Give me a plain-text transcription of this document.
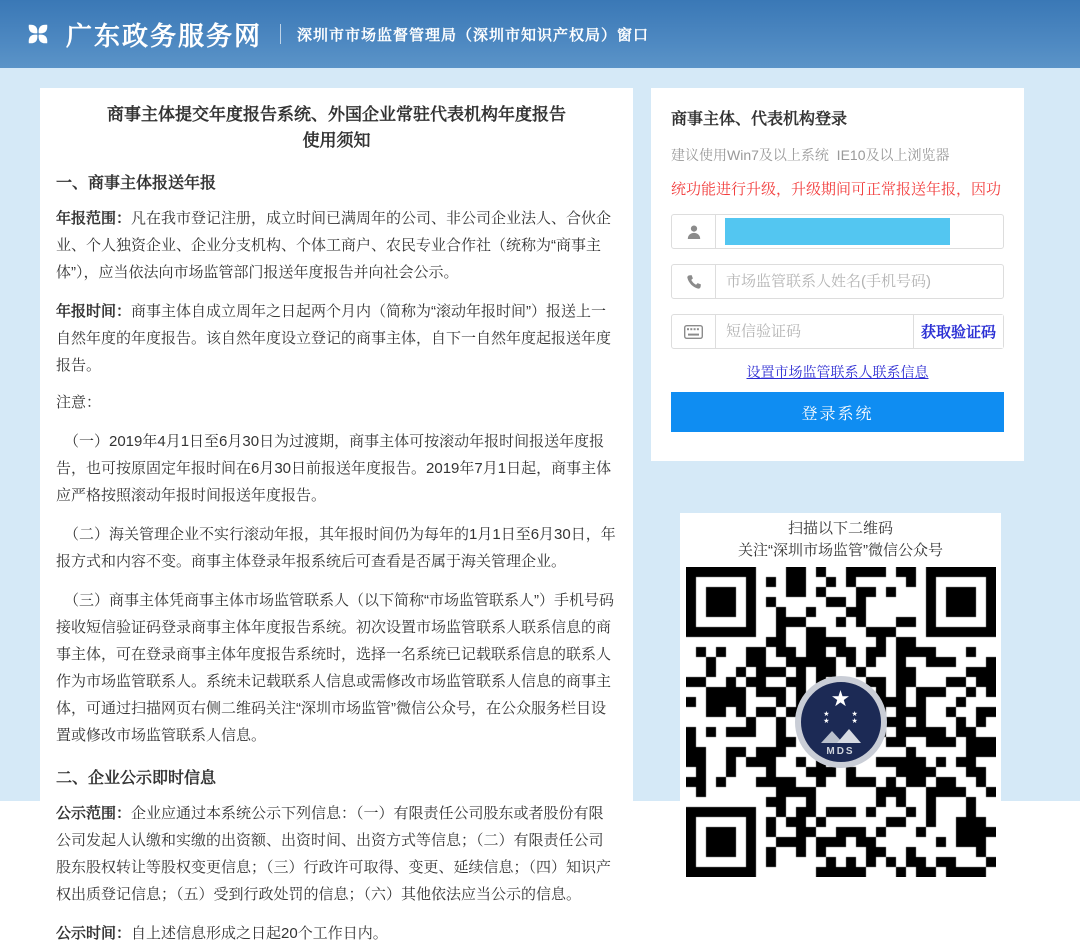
广东政务服务网 深圳市市场监督管理局（深圳市知识产权局）窗口
商事主体提交年度报告系统、外国企业常驻代表机构年度报告
使用须知
一、商事主体报送年报

年报范围：凡在我市登记注册，成立时间已满周年的公司、非公司企业法人、合伙企业、个人独资企业、企业分支机构、个体工商户、农民专业合作社（统称为“商事主体”），应当依法向市场监管部门报送年度报告并向社会公示。

年报时间：商事主体自成立周年之日起两个月内（简称为“滚动年报时间”）报送上一自然年度的年度报告。该自然年度设立登记的商事主体，自下一自然年度起报送年度报告。

注意：

（一）2019年4月1日至6月30日为过渡期，商事主体可按滚动年报时间报送年度报告，也可按原固定年报时间在6月30日前报送年度报告。2019年7月1日起，商事主体应严格按照滚动年报时间报送年度报告。

（二）海关管理企业不实行滚动年报，其年报时间仍为每年的1月1日至6月30日，年报方式和内容不变。商事主体登录年报系统后可查看是否属于海关管理企业。

（三）商事主体凭商事主体市场监管联系人（以下简称“市场监管联系人”）手机号码接收短信验证码登录商事主体年度报告系统。初次设置市场监管联系人联系信息的商事主体，可在登录商事主体年度报告系统时，选择一名系统已记载联系信息的联系人作为市场监管联系人。系统未记载联系人信息或需修改市场监管联系人信息的商事主体，可通过扫描网页右侧二维码关注“深圳市场监管”微信公众号，在公众服务栏目设置或修改市场监管联系人信息。

二、企业公示即时信息

公示范围：企业应通过本系统公示下列信息：（一）有限责任公司股东或者股份有限公司发起人认缴和实缴的出资额、出资时间、出资方式等信息；（二）有限责任公司股东股权转让等股权变更信息；（三）行政许可取得、变更、延续信息；（四）知识产权出质登记信息；（五）受到行政处罚的信息；（六）其他依法应当公示的信息。

公示时间：自上述信息形成之日起20个工作日内。

商事主体、代表机构登录

建议使用Win7及以上系统  IE10及以上浏览器

统功能进行升级，升级期间可正常报送年报，因功

市场监管联系人姓名(手机号码)
短信验证码
获取验证码
设置市场监管联系人联系信息
登录系统

扫描以下二维码

关注“深圳市场监管”微信公众号

★
★ ★ ★ ★
MDS
